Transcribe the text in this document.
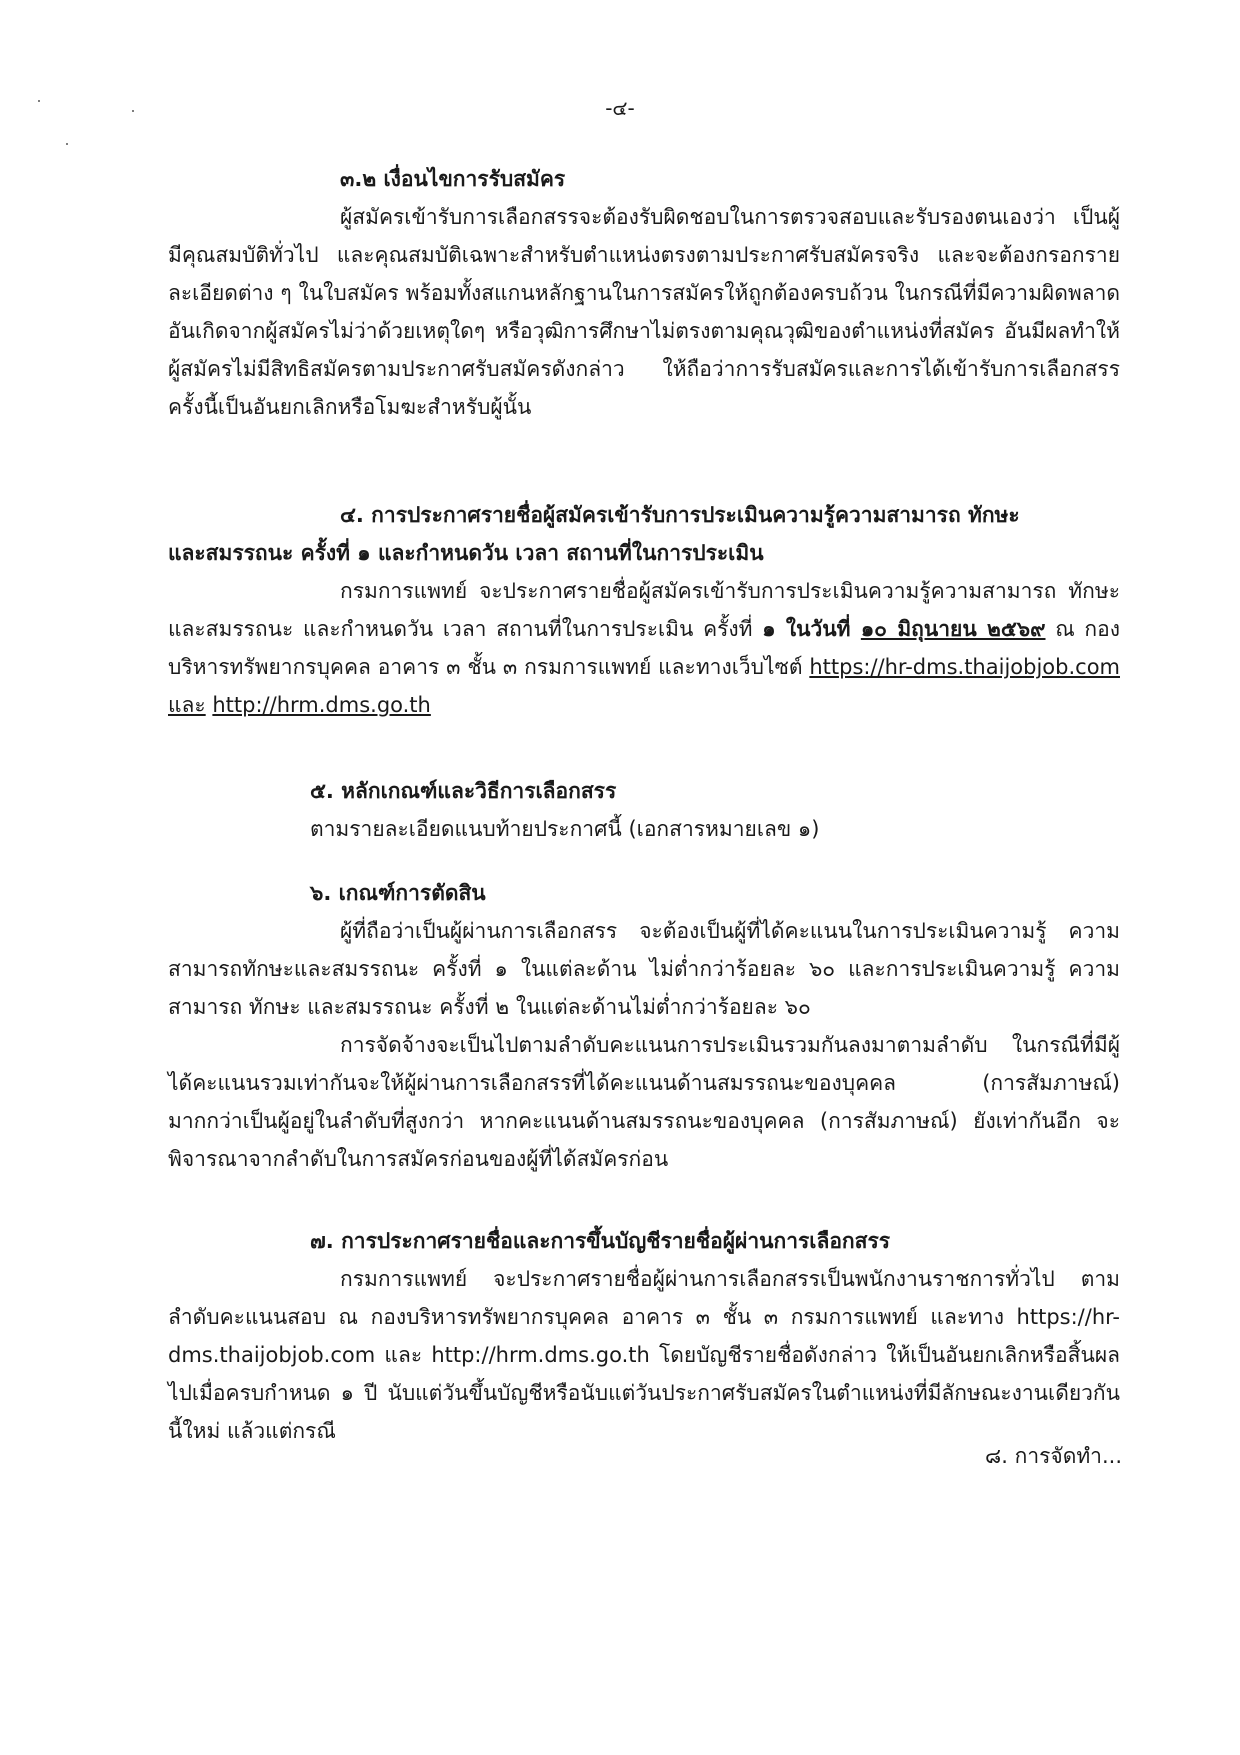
-๔-
๓.๒ เงื่อนไขการรับสมัคร
ผู้สมัครเข้ารับการเลือกสรรจะต้องรับผิดชอบในการตรวจสอบและรับรองตนเองว่า เป็นผู้มีคุณสมบัติทั่วไป และคุณสมบัติเฉพาะสำหรับตำแหน่งตรงตามประกาศรับสมัครจริง และจะต้องกรอกรายละเอียดต่าง ๆ ในใบสมัคร พร้อมทั้งสแกนหลักฐานในการสมัครให้ถูกต้องครบถ้วน ในกรณีที่มีความผิดพลาดอันเกิดจากผู้สมัครไม่ว่าด้วยเหตุใดๆ หรือวุฒิการศึกษาไม่ตรงตามคุณวุฒิของตำแหน่งที่สมัคร อันมีผลทำให้ผู้สมัครไม่มีสิทธิสมัครตามประกาศรับสมัครดังกล่าว ให้ถือว่าการรับสมัครและการได้เข้ารับการเลือกสรรครั้งนี้เป็นอันยกเลิกหรือโมฆะสำหรับผู้นั้น
๔. การประกาศรายชื่อผู้สมัครเข้ารับการประเมินความรู้ความสามารถ ทักษะ
และสมรรถนะ ครั้งที่ ๑ และกำหนดวัน เวลา สถานที่ในการประเมิน
กรมการแพทย์ จะประกาศรายชื่อผู้สมัครเข้ารับการประเมินความรู้ความสามารถ ทักษะ และสมรรถนะ และกำหนดวัน เวลา สถานที่ในการประเมิน ครั้งที่ ๑ ในวันที่ ๑๐ มิถุนายน ๒๕๖๙ ณ กองบริหารทรัพยากรบุคคล อาคาร ๓ ชั้น ๓ กรมการแพทย์ และทางเว็บไซต์ https://hr-dms.thaijobjob.com และ http://hrm.dms.go.th
๕. หลักเกณฑ์และวิธีการเลือกสรร
ตามรายละเอียดแนบท้ายประกาศนี้ (เอกสารหมายเลข ๑)
๖. เกณฑ์การตัดสิน
ผู้ที่ถือว่าเป็นผู้ผ่านการเลือกสรร จะต้องเป็นผู้ที่ได้คะแนนในการประเมินความรู้ ความสามารถทักษะและสมรรถนะ ครั้งที่ ๑ ในแต่ละด้าน ไม่ต่ำกว่าร้อยละ ๖๐ และการประเมินความรู้ ความสามารถ ทักษะ และสมรรถนะ ครั้งที่ ๒ ในแต่ละด้านไม่ต่ำกว่าร้อยละ ๖๐
การจัดจ้างจะเป็นไปตามลำดับคะแนนการประเมินรวมกันลงมาตามลำดับ ในกรณีที่มีผู้ได้คะแนนรวมเท่ากันจะให้ผู้ผ่านการเลือกสรรที่ได้คะแนนด้านสมรรถนะของบุคคล (การสัมภาษณ์) มากกว่าเป็นผู้อยู่ในลำดับที่สูงกว่า หากคะแนนด้านสมรรถนะของบุคคล (การสัมภาษณ์) ยังเท่ากันอีก จะพิจารณาจากลำดับในการสมัครก่อนของผู้ที่ได้สมัครก่อน
๗. การประกาศรายชื่อและการขึ้นบัญชีรายชื่อผู้ผ่านการเลือกสรร
กรมการแพทย์ จะประกาศรายชื่อผู้ผ่านการเลือกสรรเป็นพนักงานราชการทั่วไป ตามลำดับคะแนนสอบ ณ กองบริหารทรัพยากรบุคคล อาคาร ๓ ชั้น ๓ กรมการแพทย์ และทาง https://hr-dms.thaijobjob.com และ http://hrm.dms.go.th โดยบัญชีรายชื่อดังกล่าว ให้เป็นอันยกเลิกหรือสิ้นผลไปเมื่อครบกำหนด ๑ ปี นับแต่วันขึ้นบัญชีหรือนับแต่วันประกาศรับสมัครในตำแหน่งที่มีลักษณะงานเดียวกันนี้ใหม่ แล้วแต่กรณี
๘. การจัดทำ...
